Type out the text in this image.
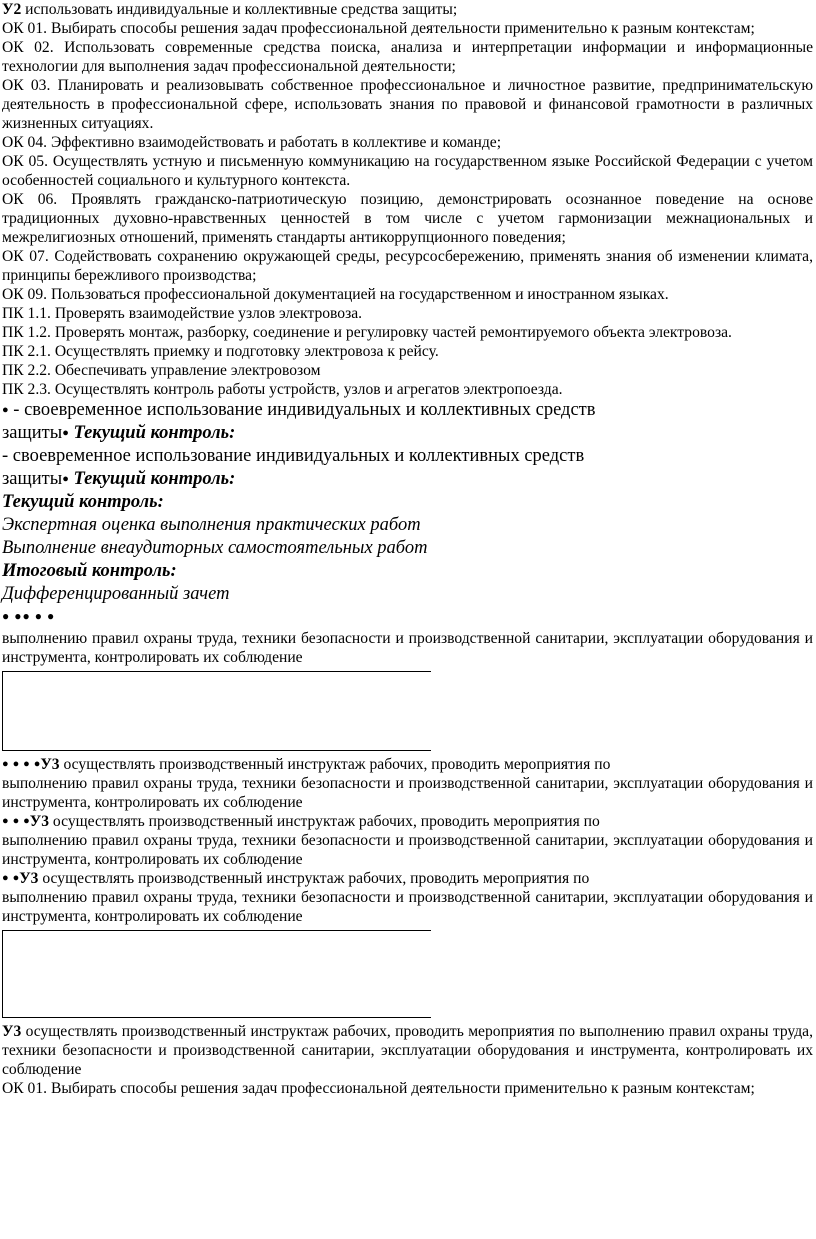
У2 использовать индивидуальные и коллективные средства защиты;

ОК 01. Выбирать способы решения задач профессиональной деятельности применительно к разным контекстам;

ОК 02. Использовать современные средства поиска, анализа и интерпретации информации и информационные технологии для выполнения задач профессиональной деятельности;

ОК 03. Планировать и реализовывать собственное профессиональное и личностное развитие, предпринимательскую деятельность в профессиональной сфере, использовать знания по правовой и финансовой грамотности в различных жизненных ситуациях.

ОК 04. Эффективно взаимодействовать и работать в коллективе и команде;

ОК 05. Осуществлять устную и письменную коммуникацию на государственном языке Российской Федерации с учетом особенностей социального и культурного контекста.

ОК 06. Проявлять гражданско-патриотическую позицию, демонстрировать осознанное поведение на основе традиционных духовно-нравственных ценностей в том числе с учетом гармонизации межнациональных и межрелигиозных отношений, применять стандарты антикоррупционного поведения;

ОК 07. Содействовать сохранению окружающей среды, ресурсосбережению, применять знания об изменении климата, принципы бережливого производства;

ОК 09. Пользоваться профессиональной документацией на государственном и иностранном языках.

ПК 1.1. Проверять взаимодействие узлов электровоза.

ПК 1.2. Проверять монтаж, разборку, соединение и регулировку частей ремонтируемого объекта электровоза.

ПК 2.1. Осуществлять приемку и подготовку электровоза к рейсу.

ПК 2.2. Обеспечивать управление электровозом

ПК 2.3. Осуществлять контроль работы устройств, узлов и агрегатов электропоезда.

● - своевременное использование индивидуальных и коллективных средств

защиты● Текущий контроль:

- своевременное использование индивидуальных и коллективных средств

защиты● Текущий контроль:

Текущий контроль:

Экспертная оценка выполнения практических работ

Выполнение внеаудиторных самостоятельных работ

Итоговый контроль:

Дифференцированный зачет

● ●● ● ●

выполнению правил охраны труда, техники безопасности и производственной санитарии, эксплуатации оборудования и инструмента, контролировать их соблюдение

● ● ● ●У3 осуществлять производственный инструктаж рабочих, проводить мероприятия по

выполнению правил охраны труда, техники безопасности и производственной санитарии, эксплуатации оборудования и инструмента, контролировать их соблюдение

● ● ●У3 осуществлять производственный инструктаж рабочих, проводить мероприятия по

выполнению правил охраны труда, техники безопасности и производственной санитарии, эксплуатации оборудования и инструмента, контролировать их соблюдение

● ●У3 осуществлять производственный инструктаж рабочих, проводить мероприятия по

выполнению правил охраны труда, техники безопасности и производственной санитарии, эксплуатации оборудования и инструмента, контролировать их соблюдение

У3 осуществлять производственный инструктаж рабочих, проводить мероприятия по выполнению правил охраны труда, техники безопасности и производственной санитарии, эксплуатации оборудования и инструмента, контролировать их соблюдение

ОК 01. Выбирать способы решения задач профессиональной деятельности применительно к разным контекстам;
